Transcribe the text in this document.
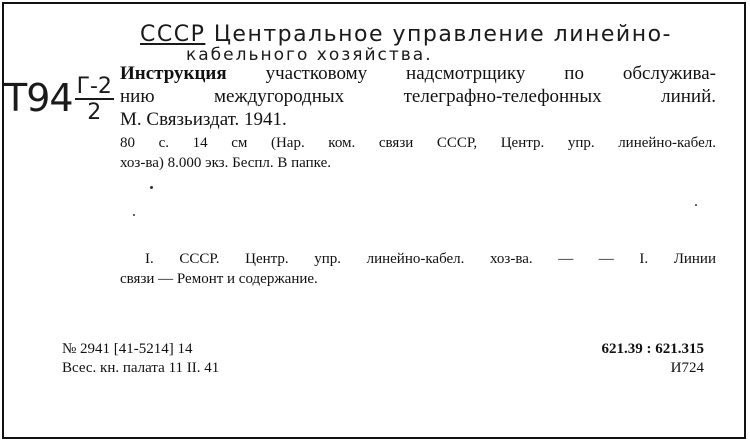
СССР Центральное управление линейно-
кабельного хозяйства.
$Т94 \frac{Г-2}{2}$

Инструкция участковому надсмотрщику по обслужива-

нию междугородных телеграфно-телефонных линий.

М. Связьиздат. 1941.

80 с. 14 см (Нар. ком. связи СССР, Центр. упр. линейно-кабел.

хоз-ва) 8.000 экз. Беспл. В папке.

I. СССР. Центр. упр. линейно-кабел. хоз-ва. — — I. Линии

связи — Ремонт и содержание.

№ 2941 [41-5214] 14

Всес. кн. палата 11 II. 41

621.39 : 621.315

И724
